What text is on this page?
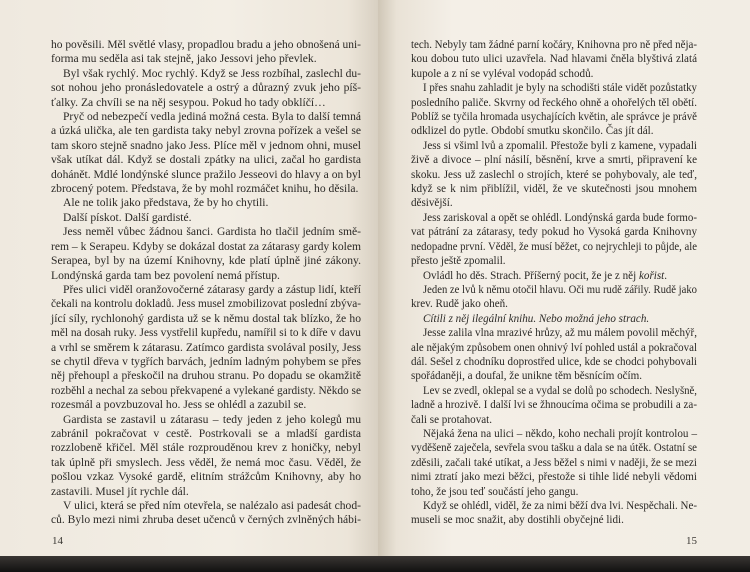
ho pověsili. Měl světlé vlasy, propadlou bradu a jeho obnošená uni-
forma mu seděla asi tak stejně, jako Jessovi jeho převlek.
Byl však rychlý. Moc rychlý. Když se Jess rozbíhal, zaslechl du-
sot nohou jeho pronásledovatele a ostrý a důrazný zvuk jeho píš-
ťalky. Za chvíli se na něj sesypou. Pokud ho tady obklíčí…
Pryč od nebezpečí vedla jediná možná cesta. Byla to další temná
a úzká ulička, ale ten gardista taky nebyl zrovna pořízek a vešel se
tam skoro stejně snadno jako Jess. Plíce měl v jednom ohni, musel
však utíkat dál. Když se dostali zpátky na ulici, začal ho gardista
dohánět. Mdlé londýnské slunce pražilo Jesseovi do hlavy a on byl
zbrocený potem. Představa, že by mohl rozmáčet knihu, ho děsila.
Ale ne tolik jako představa, že by ho chytili.
Další pískot. Další gardisté.
Jess neměl vůbec žádnou šanci. Gardista ho tlačil jedním smě-
rem – k Serapeu. Kdyby se dokázal dostat za zátarasy gardy kolem
Serapea, byl by na území Knihovny, kde platí úplně jiné zákony.
Londýnská garda tam bez povolení nemá přístup.
Přes ulici viděl oranžovočerné zátarasy gardy a zástup lidí, kteří
čekali na kontrolu dokladů. Jess musel zmobilizovat poslední zbýva-
jící síly, rychlonohý gardista už se k němu dostal tak blízko, že ho
měl na dosah ruky. Jess vystřelil kupředu, namířil si to k díře v davu
a vrhl se směrem k zátarasu. Zatímco gardista svolával posily, Jess
se chytil dřeva v tygřích barvách, jedním ladným pohybem se přes
něj přehoupl a přeskočil na druhou stranu. Po dopadu se okamžitě
rozběhl a nechal za sebou překvapené a vylekané gardisty. Někdo se
rozesmál a povzbuzoval ho. Jess se ohlédl a zazubil se.
Gardista se zastavil u zátarasu – tedy jeden z jeho kolegů mu
zabránil pokračovat v cestě. Postrkovali se a mladší gardista
rozzlobeně křičel. Měl stále rozprouděnou krev z honičky, nebyl
tak úplně při smyslech. Jess věděl, že nemá moc času. Věděl, že
pošlou vzkaz Vysoké gardě, elitním strážcům Knihovny, aby ho
zastavili. Musel jít rychle dál.
V ulici, která se před ním otevřela, se nalézalo asi padesát chod-
ců. Bylo mezi nimi zhruba deset učenců v černých zvlněných hábi-
tech. Nebyly tam žádné parní kočáry, Knihovna pro ně před něja-
kou dobou tuto ulici uzavřela. Nad hlavami čněla blyštivá zlatá
kupole a z ní se vyléval vodopád schodů.
I přes snahu zahladit je byly na schodišti stále vidět pozůstatky
posledního paliče. Skvrny od řeckého ohně a ohořelých těl obětí.
Poblíž se tyčila hromada usychajících květin, ale správce je právě
odklizel do pytle. Období smutku skončilo. Čas jít dál.
Jess si všiml lvů a zpomalil. Přestože byli z kamene, vypadali
živě a divoce – plní násilí, běsnění, krve a smrti, připravení ke
skoku. Jess už zaslechl o strojích, které se pohybovaly, ale teď,
když se k nim přiblížil, viděl, že ve skutečnosti jsou mnohem
děsivější.
Jess zariskoval a opět se ohlédl. Londýnská garda bude formo-
vat pátrání za zátarasy, tedy pokud ho Vysoká garda Knihovny
nedopadne první. Věděl, že musí běžet, co nejrychleji to půjde, ale
přesto ještě zpomalil.
Ovládl ho děs. Strach. Příšerný pocit, že je z něj kořist.
Jeden ze lvů k němu otočil hlavu. Oči mu rudě zářily. Rudě jako
krev. Rudě jako oheň.
Cítili z něj ilegální knihu. Nebo možná jeho strach.
Jesse zalila vlna mrazivé hrůzy, až mu málem povolil měchýř,
ale nějakým způsobem onen ohnivý lví pohled ustál a pokračoval
dál. Sešel z chodníku doprostřed ulice, kde se chodci pohybovali
spořádaněji, a doufal, že unikne těm běsnícím očím.
Lev se zvedl, oklepal se a vydal se dolů po schodech. Neslyšně,
ladně a hrozivě. I další lvi se žhnoucíma očima se probudili a za-
čali se protahovat.
Nějaká žena na ulici – někdo, koho nechali projít kontrolou –
vyděšeně zaječela, sevřela svou tašku a dala se na útěk. Ostatní se
zděsili, začali také utíkat, a Jess běžel s nimi v naději, že se mezi
nimi ztratí jako mezi běžci, přestože si tihle lidé nebyli vědomi
toho, že jsou teď součástí jeho gangu.
Když se ohlédl, viděl, že za nimi běží dva lvi. Nespěchali. Ne-
museli se moc snažit, aby dostihli obyčejné lidi.
14	15
